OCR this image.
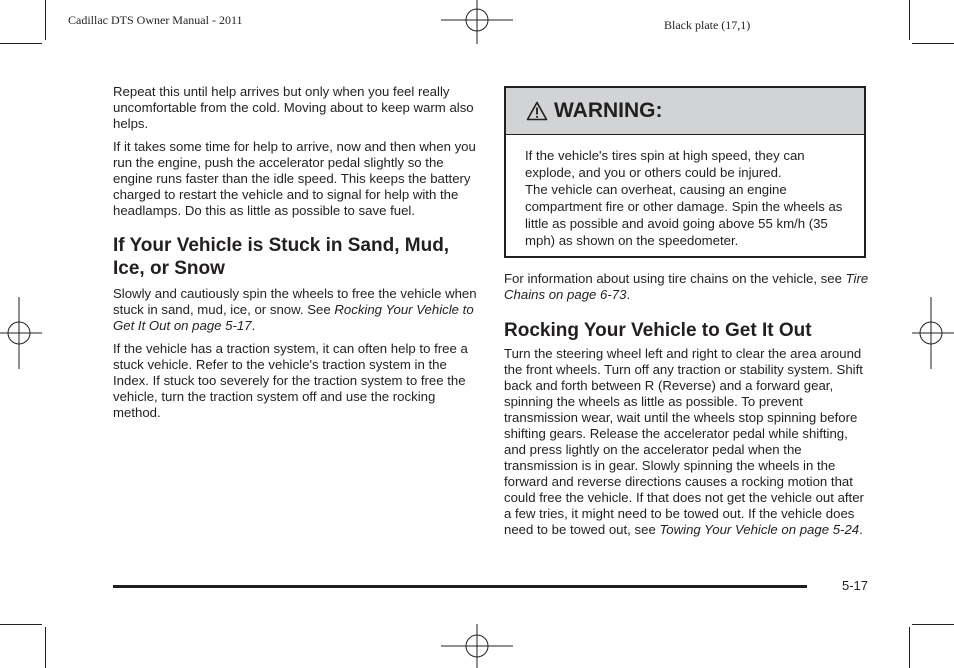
Cadillac DTS Owner Manual - 2011	Black plate (17,1)

Repeat this until help arrives but only when you feel really uncomfortable from the cold. Moving about to keep warm also helps.

If it takes some time for help to arrive, now and then when you run the engine, push the accelerator pedal slightly so the engine runs faster than the idle speed. This keeps the battery charged to restart the vehicle and to signal for help with the headlamps. Do this as little as possible to save fuel.

If Your Vehicle is Stuck in Sand, Mud, Ice, or Snow

Slowly and cautiously spin the wheels to free the vehicle when stuck in sand, mud, ice, or snow. See Rocking Your Vehicle to Get It Out on page 5-17.

If the vehicle has a traction system, it can often help to free a stuck vehicle. Refer to the vehicle's traction system in the Index. If stuck too severely for the traction system to free the vehicle, turn the traction system off and use the rocking method.

WARNING:

If the vehicle's tires spin at high speed, they can explode, and you or others could be injured.

The vehicle can overheat, causing an engine compartment fire or other damage. Spin the wheels as little as possible and avoid going above 55 km/h (35 mph) as shown on the speedometer.

For information about using tire chains on the vehicle, see Tire Chains on page 6-73.

Rocking Your Vehicle to Get It Out

Turn the steering wheel left and right to clear the area around the front wheels. Turn off any traction or stability system. Shift back and forth between R (Reverse) and a forward gear, spinning the wheels as little as possible. To prevent transmission wear, wait until the wheels stop spinning before shifting gears. Release the accelerator pedal while shifting, and press lightly on the accelerator pedal when the transmission is in gear. Slowly spinning the wheels in the forward and reverse directions causes a rocking motion that could free the vehicle. If that does not get the vehicle out after a few tries, it might need to be towed out. If the vehicle does need to be towed out, see Towing Your Vehicle on page 5-24.

5-17
